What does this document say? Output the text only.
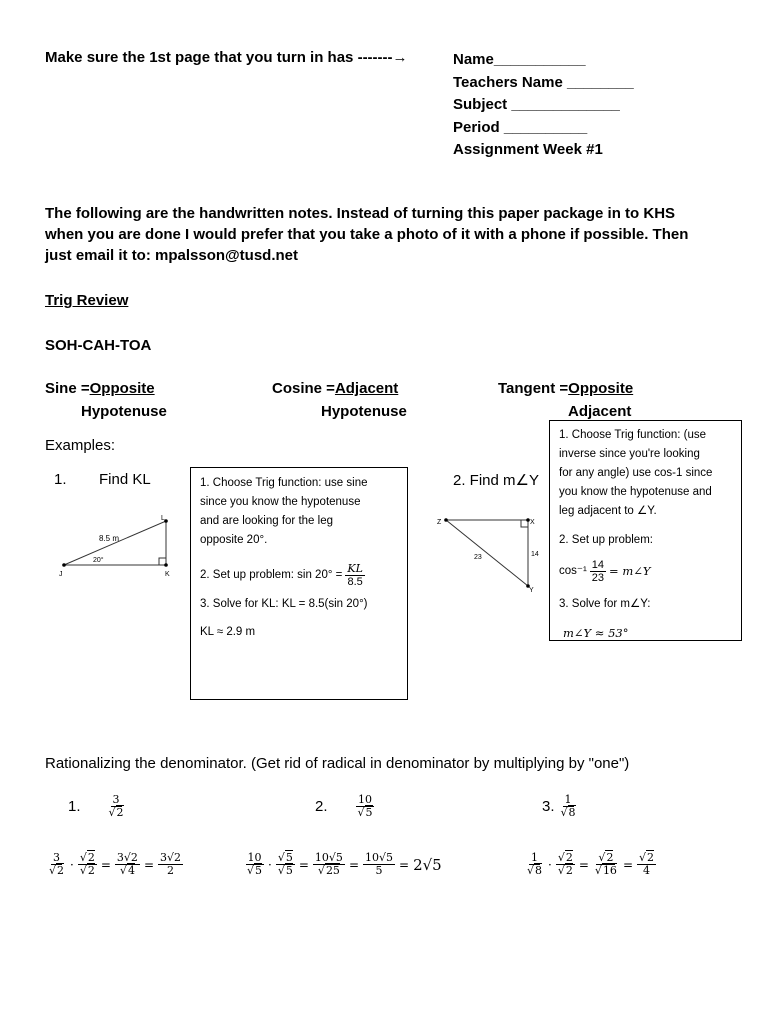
Make sure the 1st page that you turn in has -------→	Name___________
Teachers Name ________
Subject _____________
Period __________
Assignment Week #1
The following are the handwritten notes. Instead of turning this paper package in to KHS
when you are done I would prefer that you take a photo of it with a phone if possible. Then
just email it to: mpalsson@tusd.net
Trig Review
SOH-CAH-TOA
Sine =Opposite
Hypotenuse
Cosine =Adjacent
Hypotenuse
Tangent =Opposite
Adjacent
Examples:
1. Find KL
J	K
L
8.5 m
20°
1. Choose Trig function: use sine
since you know the hypotenuse
and are looking for the leg
opposite 20°.
2. Set up problem: $\sin 20^\circ = \frac{KL}{8.5}$
3. Solve for KL: KL = 8.5(sin 20°)
KL ≈ 2.9 m
2. Find m∠Y
Z	X
Y
23	14
1. Choose Trig function: (use
inverse since you're looking
for any angle) use cos-1 since
you know the hypotenuse and
leg adjacent to ∠Y.
2. Set up problem:
$\cos^{-1} \frac{14}{23}$ = m∠Y
3. Solve for m∠Y:
m∠Y ≈ 53°
Rationalizing the denominator. (Get rid of radical in denominator by multiplying by "one")
1. $\frac{3}{√2}$	2.	$\frac{10}{√5}$	3. $\frac{1}{√8}$
$\frac{3}{√2} \cdot \frac{√2}{√2} = \frac{3√2}{√4} = \frac{3√2}{2}$	$\frac{10}{√5} \cdot \frac{√5}{√5} = \frac{10√5}{√25} = \frac{10√5}{5} = 2√5$	$\frac{1}{√8} \cdot \frac{√2}{√2} = \frac{√2}{√16} = \frac{√2}{4}$
